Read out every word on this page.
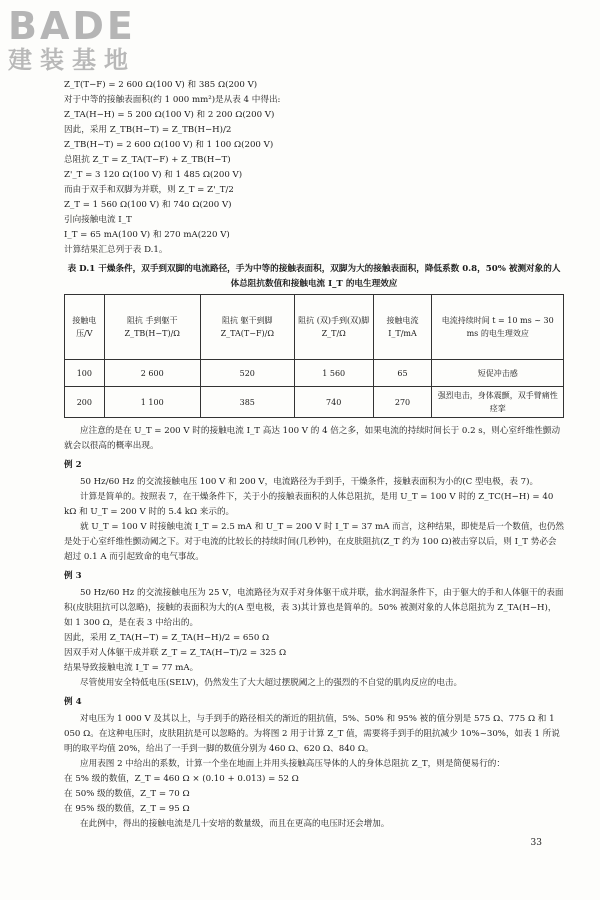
BADE
建装基地

Z_T(T−F) = 2 600 Ω(100 V) 和 385 Ω(200 V)

对于中等的接触表面积(约 1 000 mm²)是从表 4 中得出:

Z_TA(H−H) = 5 200 Ω(100 V) 和 2 200 Ω(200 V)

因此，采用 Z_TB(H−T) = Z_TB(H−H)/2

Z_TB(H−T) = 2 600 Ω(100 V) 和 1 100 Ω(200 V)

总阻抗 Z_T = Z_TA(T−F) + Z_TB(H−T)

Z'_T = 3 120 Ω(100 V) 和 1 485 Ω(200 V)

而由于双手和双脚为并联，则 Z_T = Z'_T/2

Z_T = 1 560 Ω(100 V) 和 740 Ω(200 V)

引向接触电流 I_T

I_T = 65 mA(100 V) 和 270 mA(220 V)

计算结果汇总列于表 D.1。

表 D.1 干燥条件，双手到双脚的电流路径，手为中等的接触表面积，双脚为大的接触表面积，降低系数 0.8，50% 被测对象的人体总阻抗数值和接触电流 I_T 的电生理效应
接触电压/V	阻抗 手到躯干 Z_TB(H−T)/Ω	阻抗 躯干到脚 Z_TA(T−F)/Ω	阻抗 (双)手到(双)脚 Z_T/Ω	接触电流 I_T/mA	电流持续时间 t = 10 ms ~ 30 ms 的电生理效应
100	2 600	520	1 560	65	短促冲击感
200	1 100	385	740	270	强烈电击，身体震颤，双手臂痛性痉挛

应注意的是在 U_T = 200 V 时的接触电流 I_T 高达 100 V 的 4 倍之多，如果电流的持续时间长于 0.2 s，则心室纤维性颤动就会以很高的概率出现。

例 2

50 Hz/60 Hz 的交流接触电压 100 V 和 200 V，电流路径为手到手，干燥条件，接触表面积为小的(C 型电极，表 7)。

计算是简单的。按照表 7，在干燥条件下，关于小的接触表面积的人体总阻抗，是用 U_T = 100 V 时的 Z_TC(H−H) = 40 kΩ 和 U_T = 200 V 时的 5.4 kΩ 来示的。

就 U_T = 100 V 时接触电流 I_T = 2.5 mA 和 U_T = 200 V 时 I_T = 37 mA 而言，这种结果，即使是后一个数值，也仍然是处于心室纤维性颤动阈之下。对于电流的比较长的持续时间(几秒钟)，在皮肤阻抗(Z_T 约为 100 Ω)被击穿以后，则 I_T 势必会超过 0.1 A 而引起致命的电气事故。

例 3

50 Hz/60 Hz 的交流接触电压为 25 V，电流路径为双手对身体躯干成并联，盐水润湿条件下，由于躯大的手和人体躯干的表面积(皮肤阻抗可以忽略)，接触的表面积为大的(A 型电极，表 3)其计算也是简单的。50% 被测对象的人体总阻抗为 Z_TA(H−H)，如 1 300 Ω，是在表 3 中给出的。

因此，采用 Z_TA(H−T) = Z_TA(H−H)/2 = 650 Ω

因双手对人体躯干成并联 Z_T = Z_TA(H−T)/2 = 325 Ω

结果导致接触电流 I_T = 77 mA。

尽管使用安全特低电压(SELV)，仍然发生了大大超过摆脱阈之上的强烈的不自觉的肌肉反应的电击。

例 4

对电压为 1 000 V 及其以上，与手到手的路径相关的渐近的阻抗值，5%、50% 和 95% 被的值分别是 575 Ω、775 Ω 和 1 050 Ω。在这种电压时，皮肤阻抗是可以忽略的。为将图 2 用于计算 Z_T 值，需要将手到手的阻抗减少 10%~30%，如表 1 所说明的取平均值 20%，给出了一手到一脚的数值分别为 460 Ω、620 Ω、840 Ω。

应用表图 2 中给出的系数，计算一个坐在地面上并用头接触高压导体的人的身体总阻抗 Z_T，则是简便易行的：

在 5% 级的数值，Z_T = 460 Ω × (0.10 + 0.013) = 52 Ω

在 50% 级的数值，Z_T = 70 Ω

在 95% 级的数值，Z_T = 95 Ω

在此例中，得出的接触电流是几十安培的数量级，而且在更高的电压时还会增加。

33
